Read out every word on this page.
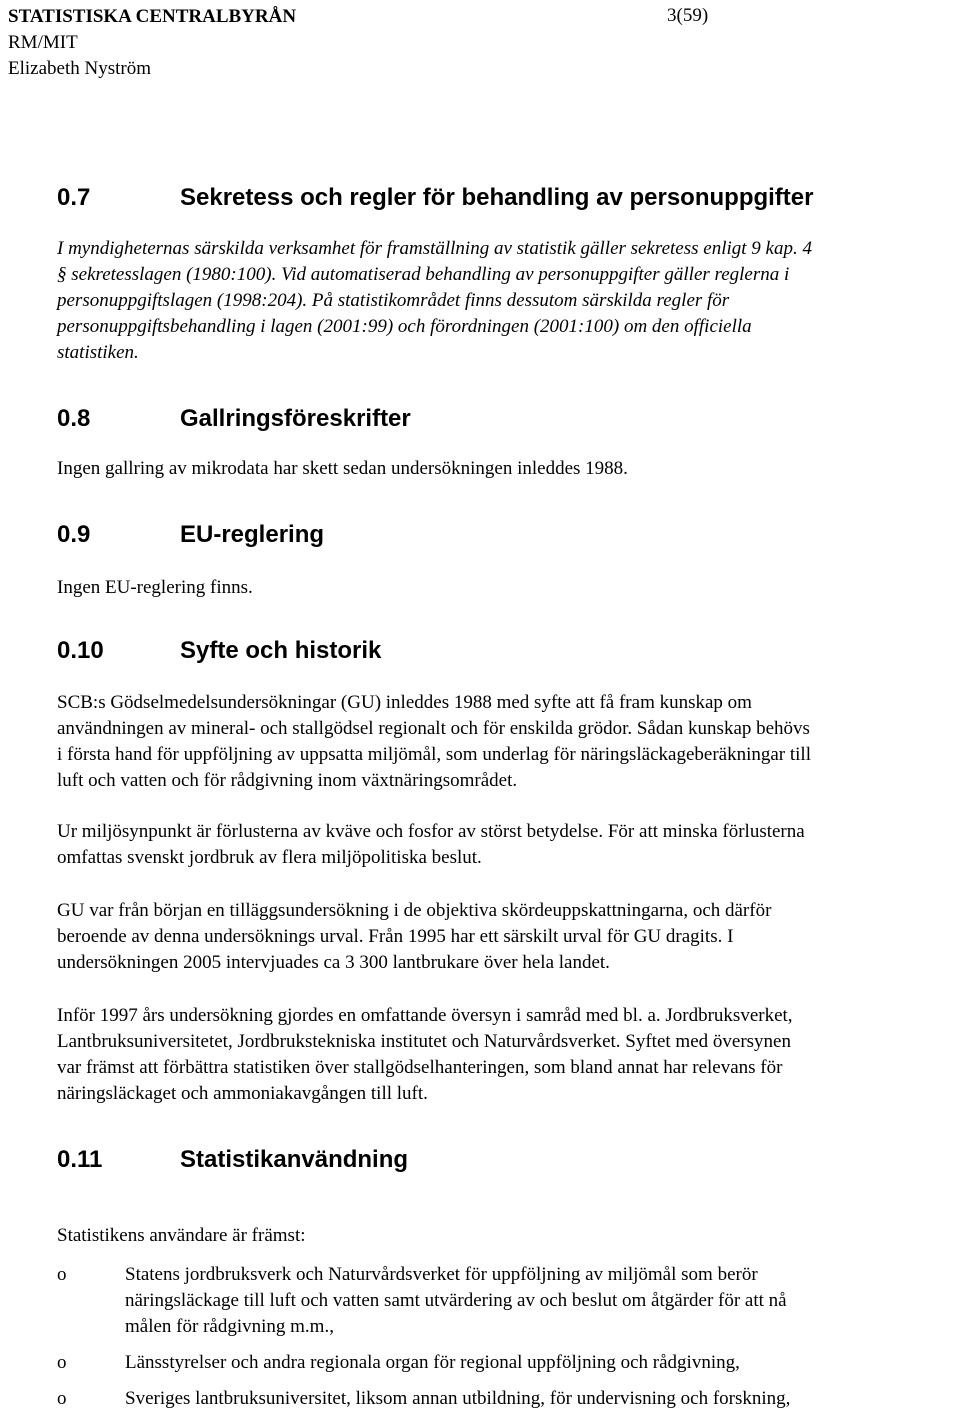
STATISTISKA CENTRALBYRÅN	3(59)
RM/MIT
Elizabeth Nyström
0.7	Sekretess och regler för behandling av personuppgifter
I myndigheternas särskilda verksamhet för framställning av statistik gäller sekretess enligt 9 kap. 4
§ sekretesslagen (1980:100). Vid automatiserad behandling av personuppgifter gäller reglerna i
personuppgiftslagen (1998:204). På statistikområdet finns dessutom särskilda regler för
personuppgiftsbehandling i lagen (2001:99) och förordningen (2001:100) om den officiella
statistiken.
0.8	Gallringsföreskrifter
Ingen gallring av mikrodata har skett sedan undersökningen inleddes 1988.
0.9	EU-reglering
Ingen EU-reglering finns.
0.10	Syfte och historik
SCB:s Gödselmedelsundersökningar (GU) inleddes 1988 med syfte att få fram kunskap om
användningen av mineral- och stallgödsel regionalt och för enskilda grödor. Sådan kunskap behövs
i första hand för uppföljning av uppsatta miljömål, som underlag för näringsläckageberäkningar till
luft och vatten och för rådgivning inom växtnäringsområdet.
Ur miljösynpunkt är förlusterna av kväve och fosfor av störst betydelse. För att minska förlusterna
omfattas svenskt jordbruk av flera miljöpolitiska beslut.
GU var från början en tilläggsundersökning i de objektiva skördeuppskattningarna, och därför
beroende av denna undersöknings urval. Från 1995 har ett särskilt urval för GU dragits. I
undersökningen 2005 intervjuades ca 3 300 lantbrukare över hela landet.
Inför 1997 års undersökning gjordes en omfattande översyn i samråd med bl. a. Jordbruksverket,
Lantbruksuniversitetet, Jordbrukstekniska institutet och Naturvårdsverket. Syftet med översynen
var främst att förbättra statistiken över stallgödselhanteringen, som bland annat har relevans för
näringsläckaget och ammoniakavgången till luft.
0.11	Statistikanvändning
Statistikens användare är främst:
o	Statens jordbruksverk och Naturvårdsverket för uppföljning av miljömål som berör
näringsläckage till luft och vatten samt utvärdering av och beslut om åtgärder för att nå
målen för rådgivning m.m.,
o	Länsstyrelser och andra regionala organ för regional uppföljning och rådgivning,
o	Sveriges lantbruksuniversitet, liksom annan utbildning, för undervisning och forskning,
